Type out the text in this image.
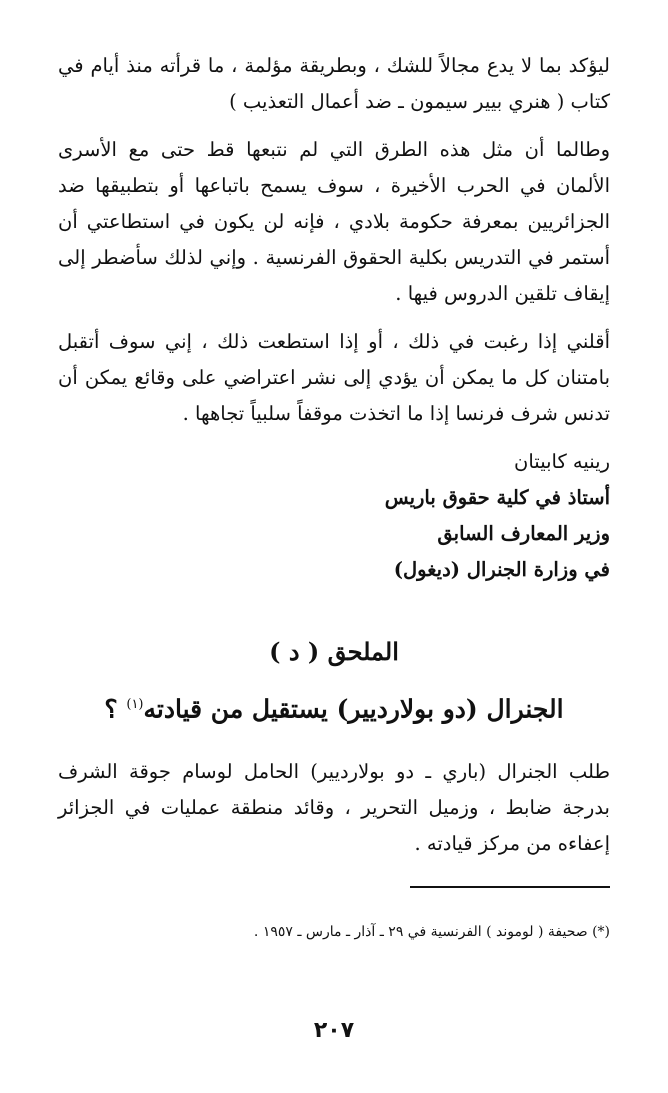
ليؤكد بما لا يدع مجالاً للشك ، وبطريقة مؤلمة ، ما قرأته منذ أيام في كتاب ( هنري بيير سيمون ـ ضد أعمال التعذيب )

وطالما أن مثل هذه الطرق التي لم نتبعها قط حتى مع الأسرى الألمان في الحرب الأخيرة ، سوف يسمح باتباعها أو بتطبيقها ضد الجزائريين بمعرفة حكومة بلادي ، فإنه لن يكون في استطاعتي أن أستمر في التدريس بكلية الحقوق الفرنسية . وإني لذلك سأضطر إلى إيقاف تلقين الدروس فيها .

أقلني إذا رغبت في ذلك ، أو إذا استطعت ذلك ، إني سوف أتقبل بامتنان كل ما يمكن أن يؤدي إلى نشر اعتراضي على وقائع يمكن أن تدنس شرف فرنسا إذا ما اتخذت موقفاً سلبياً تجاهها .

رينيه كابيتان
أستاذ في كلية حقوق باريس
وزير المعارف السابق
في وزارة الجنرال (ديغول)
الملحق ( د )
الجنرال (دو بولارديير) يستقيل من قيادته$^{(١)}$ ؟

طلب الجنرال (باري ـ دو بولارديير) الحامل لوسام جوقة الشرف بدرجة ضابط ، وزميل التحرير ، وقائد منطقة عمليات في الجزائر إعفاءه من مركز قيادته .

(*) صحيفة ( لوموند ) الفرنسية في ٢٩ ـ آذار ـ مارس ـ ١٩٥٧ .
٢٠٧
